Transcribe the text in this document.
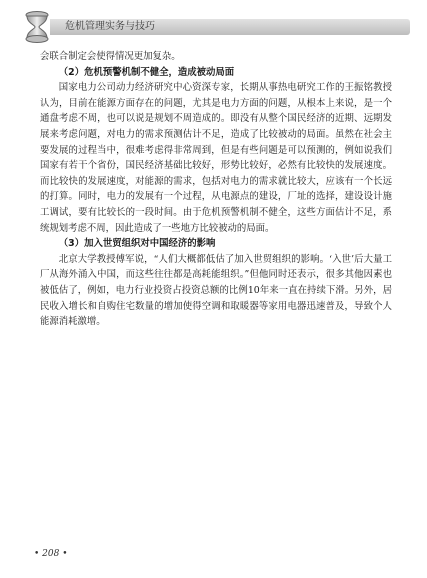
危机管理实务与技巧

会联合制定会使得情况更加复杂。

（2）危机预警机制不健全，造成被动局面

国家电力公司动力经济研究中心资深专家，长期从事热电研究工作的王振铭教授认为，目前在能源方面存在的问题，尤其是电力方面的问题，从根本上来说，是一个通盘考虑不周，也可以说是规划不周造成的。即没有从整个国民经济的近期、远期发展来考虑问题，对电力的需求预测估计不足，造成了比较被动的局面。虽然在社会主要发展的过程当中，很难考虑得非常周到，但是有些问题是可以预测的，例如说我们国家有若干个省份，国民经济基础比较好，形势比较好，必然有比较快的发展速度。而比较快的发展速度，对能源的需求，包括对电力的需求就比较大，应该有一个长远的打算。同时，电力的发展有一个过程，从电源点的建设，厂址的选择，建设设计施工调试，要有比较长的一段时间。由于危机预警机制不健全，这些方面估计不足，系统规划考虑不周，因此造成了一些地方比较被动的局面。

（3）加入世贸组织对中国经济的影响

北京大学教授傅军说，“人们大概都低估了加入世贸组织的影响。‘入世’后大量工厂从海外涌入中国，而这些往往都是高耗能组织。”但他同时还表示，很多其他因素也被低估了，例如，电力行业投资占投资总额的比例10年来一直在持续下滑。另外，居民收入增长和自购住宅数量的增加使得空调和取暖器等家用电器迅速普及，导致个人能源消耗激增。

• 208 •
